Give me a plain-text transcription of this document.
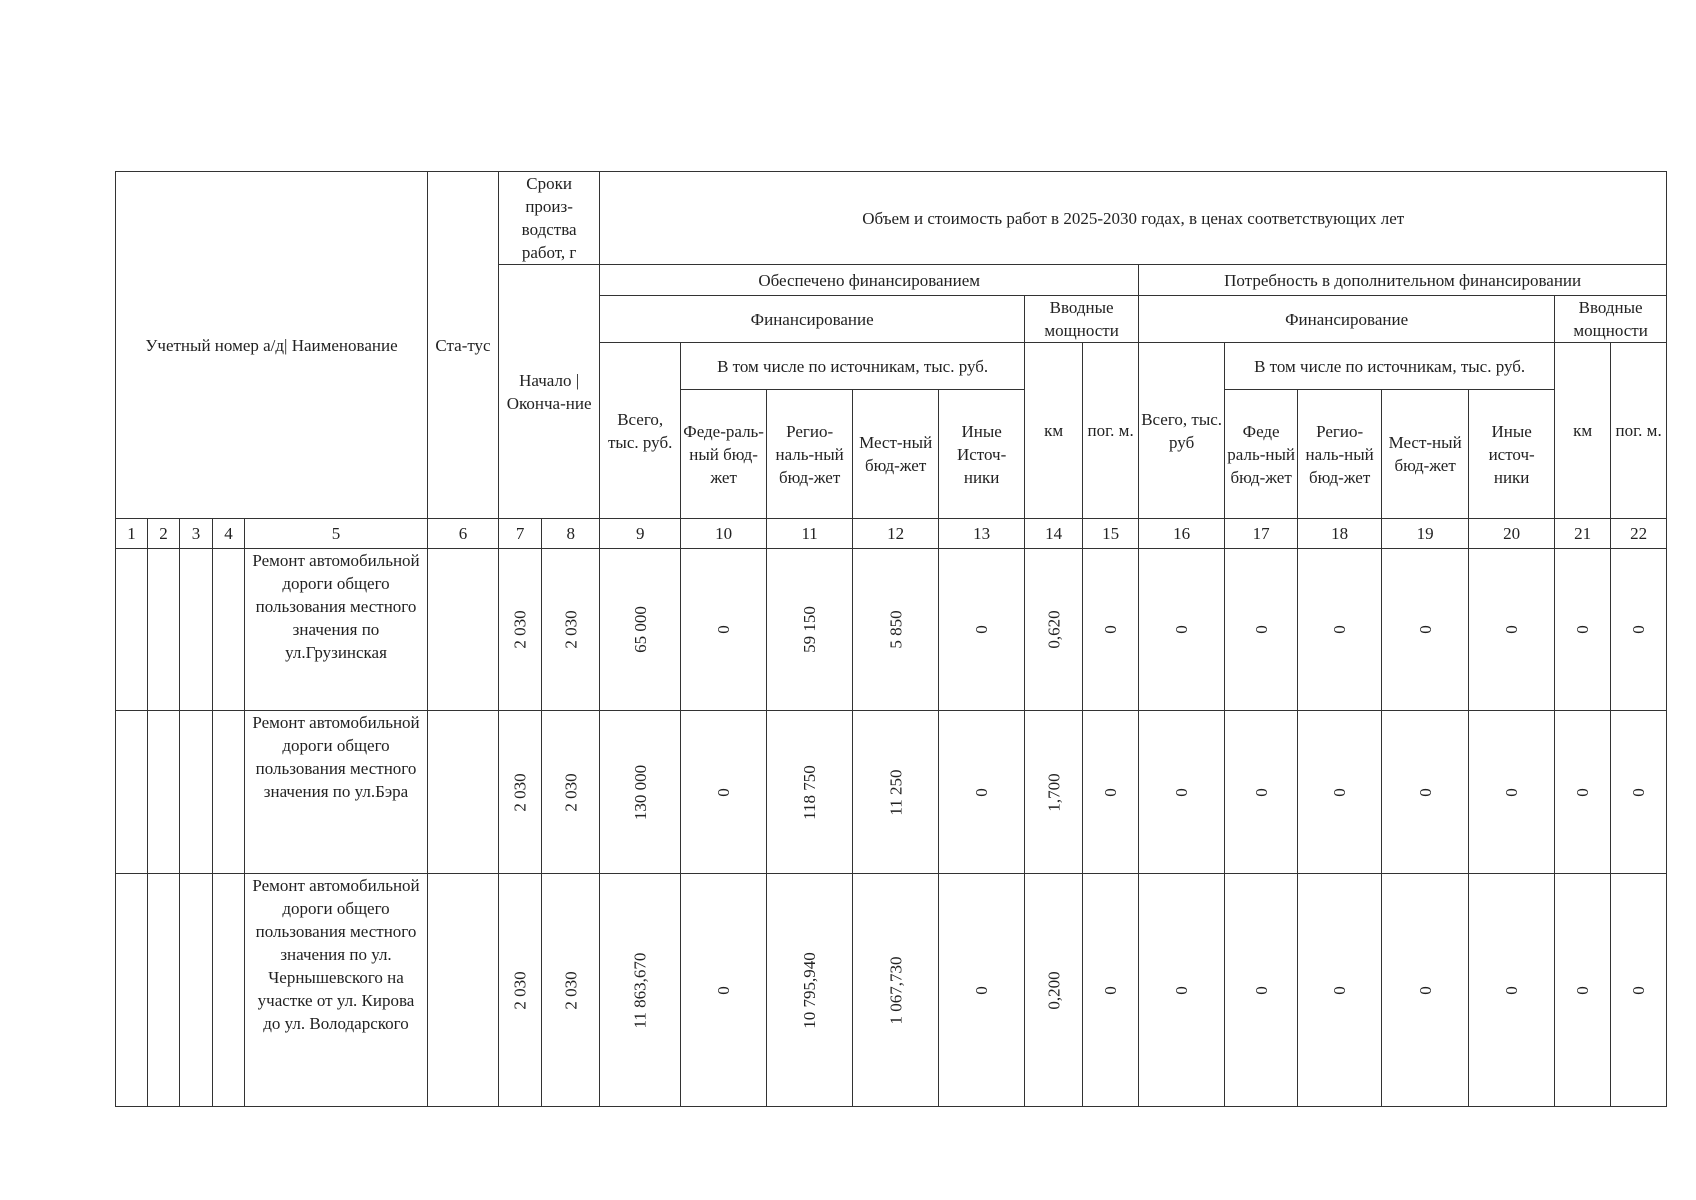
Учетный номер а/д| Наименование					Ста-тус	Сроки произ-водства работ, г		Объем и стоимость работ в 2025-2030 годах, в ценах соответствующих лет													
						Начало | Оконча-ние		Обеспечено финансированием							Потребность в дополнительном финансировании						
								Финансирование					Вводные мощности		Финансирование					Вводные мощности	
								Всего, тыс. руб.	В том числе по источникам, тыс. руб.				км	пог. м.	Всего, тыс. руб	В том числе по источникам, тыс. руб.				км	пог. м.
									Феде-раль-ный бюд-жет	Регио-наль-ный бюд-жет	Мест-ный бюд-жет	Иные Источ-ники				Феде раль-ный бюд-жет	Регио-наль-ный бюд-жет	Мест-ный бюд-жет	Иные источ-ники		
1	2	3	4	5	6	7	8	9	10	11	12	13	14	15	16	17	18	19	20	21	22
				Ремонт автомобильной дороги общего пользования местного значения по ул.Грузинская		2 030	2 030	65 000	0	59 150	5 850	0	0,620	0	0	0	0	0	0	0	0

				Ремонт автомобильной дороги общего пользования местного значения по ул.Бэра		2 030	2 030	130 000	0	118 750	11 250	0	1,700	0	0	0	0	0	0	0	0

				Ремонт автомобильной дороги общего пользования местного значения по ул. Чернышевского на участке от ул. Кирова до ул. Володарского		2 030	2 030	11 863,670	0	10 795,940	1 067,730	0	0,200	0	0	0	0	0	0	0	0
